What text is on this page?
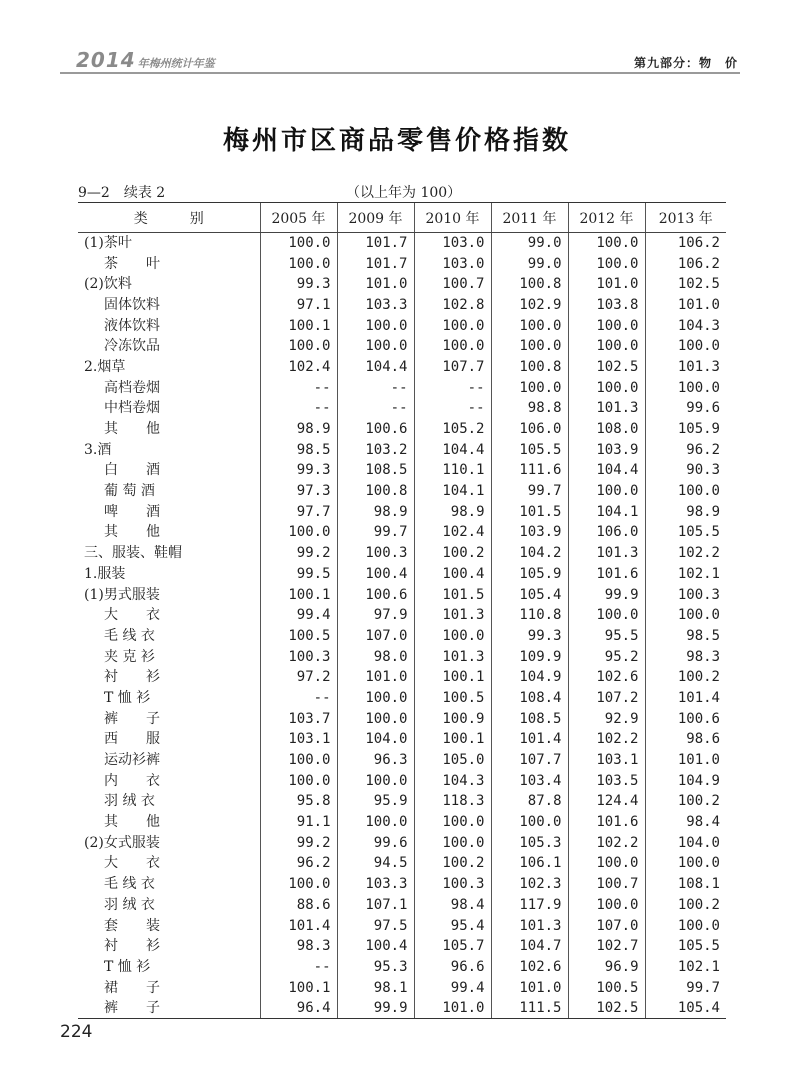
2014 年梅州统计年鉴	第九部分：物　价
梅州市区商品零售价格指数
9—2　续表 2	（以上年为 100）
类　　　别	2005 年	2009 年	2010 年	2011 年	2012 年	2013 年
(1)茶叶	100.0	101.7	103.0	99.0	100.0	106.2
茶　　叶	100.0	101.7	103.0	99.0	100.0	106.2
(2)饮料	99.3	101.0	100.7	100.8	101.0	102.5
固体饮料	97.1	103.3	102.8	102.9	103.8	101.0
液体饮料	100.1	100.0	100.0	100.0	100.0	104.3
冷冻饮品	100.0	100.0	100.0	100.0	100.0	100.0
2.烟草	102.4	104.4	107.7	100.8	102.5	101.3
高档卷烟	--	--	--	100.0	100.0	100.0
中档卷烟	--	--	--	98.8	101.3	99.6
其　　他	98.9	100.6	105.2	106.0	108.0	105.9
3.酒	98.5	103.2	104.4	105.5	103.9	96.2
白　　酒	99.3	108.5	110.1	111.6	104.4	90.3
葡 萄 酒	97.3	100.8	104.1	99.7	100.0	100.0
啤　　酒	97.7	98.9	98.9	101.5	104.1	98.9
其　　他	100.0	99.7	102.4	103.9	106.0	105.5
三、服装、鞋帽	99.2	100.3	100.2	104.2	101.3	102.2
1.服装	99.5	100.4	100.4	105.9	101.6	102.1
(1)男式服装	100.1	100.6	101.5	105.4	99.9	100.3
大　　衣	99.4	97.9	101.3	110.8	100.0	100.0
毛 线 衣	100.5	107.0	100.0	99.3	95.5	98.5
夹 克 衫	100.3	98.0	101.3	109.9	95.2	98.3
衬　　衫	97.2	101.0	100.1	104.9	102.6	100.2
T 恤 衫	--	100.0	100.5	108.4	107.2	101.4
裤　　子	103.7	100.0	100.9	108.5	92.9	100.6
西　　服	103.1	104.0	100.1	101.4	102.2	98.6
运动衫裤	100.0	96.3	105.0	107.7	103.1	101.0
内　　衣	100.0	100.0	104.3	103.4	103.5	104.9
羽 绒 衣	95.8	95.9	118.3	87.8	124.4	100.2
其　　他	91.1	100.0	100.0	100.0	101.6	98.4
(2)女式服装	99.2	99.6	100.0	105.3	102.2	104.0
大　　衣	96.2	94.5	100.2	106.1	100.0	100.0
毛 线 衣	100.0	103.3	100.3	102.3	100.7	108.1
羽 绒 衣	88.6	107.1	98.4	117.9	100.0	100.2
套　　装	101.4	97.5	95.4	101.3	107.0	100.0
衬　　衫	98.3	100.4	105.7	104.7	102.7	105.5
T 恤 衫	--	95.3	96.6	102.6	96.9	102.1
裙　　子	100.1	98.1	99.4	101.0	100.5	99.7
裤　　子	96.4	99.9	101.0	111.5	102.5	105.4
224
